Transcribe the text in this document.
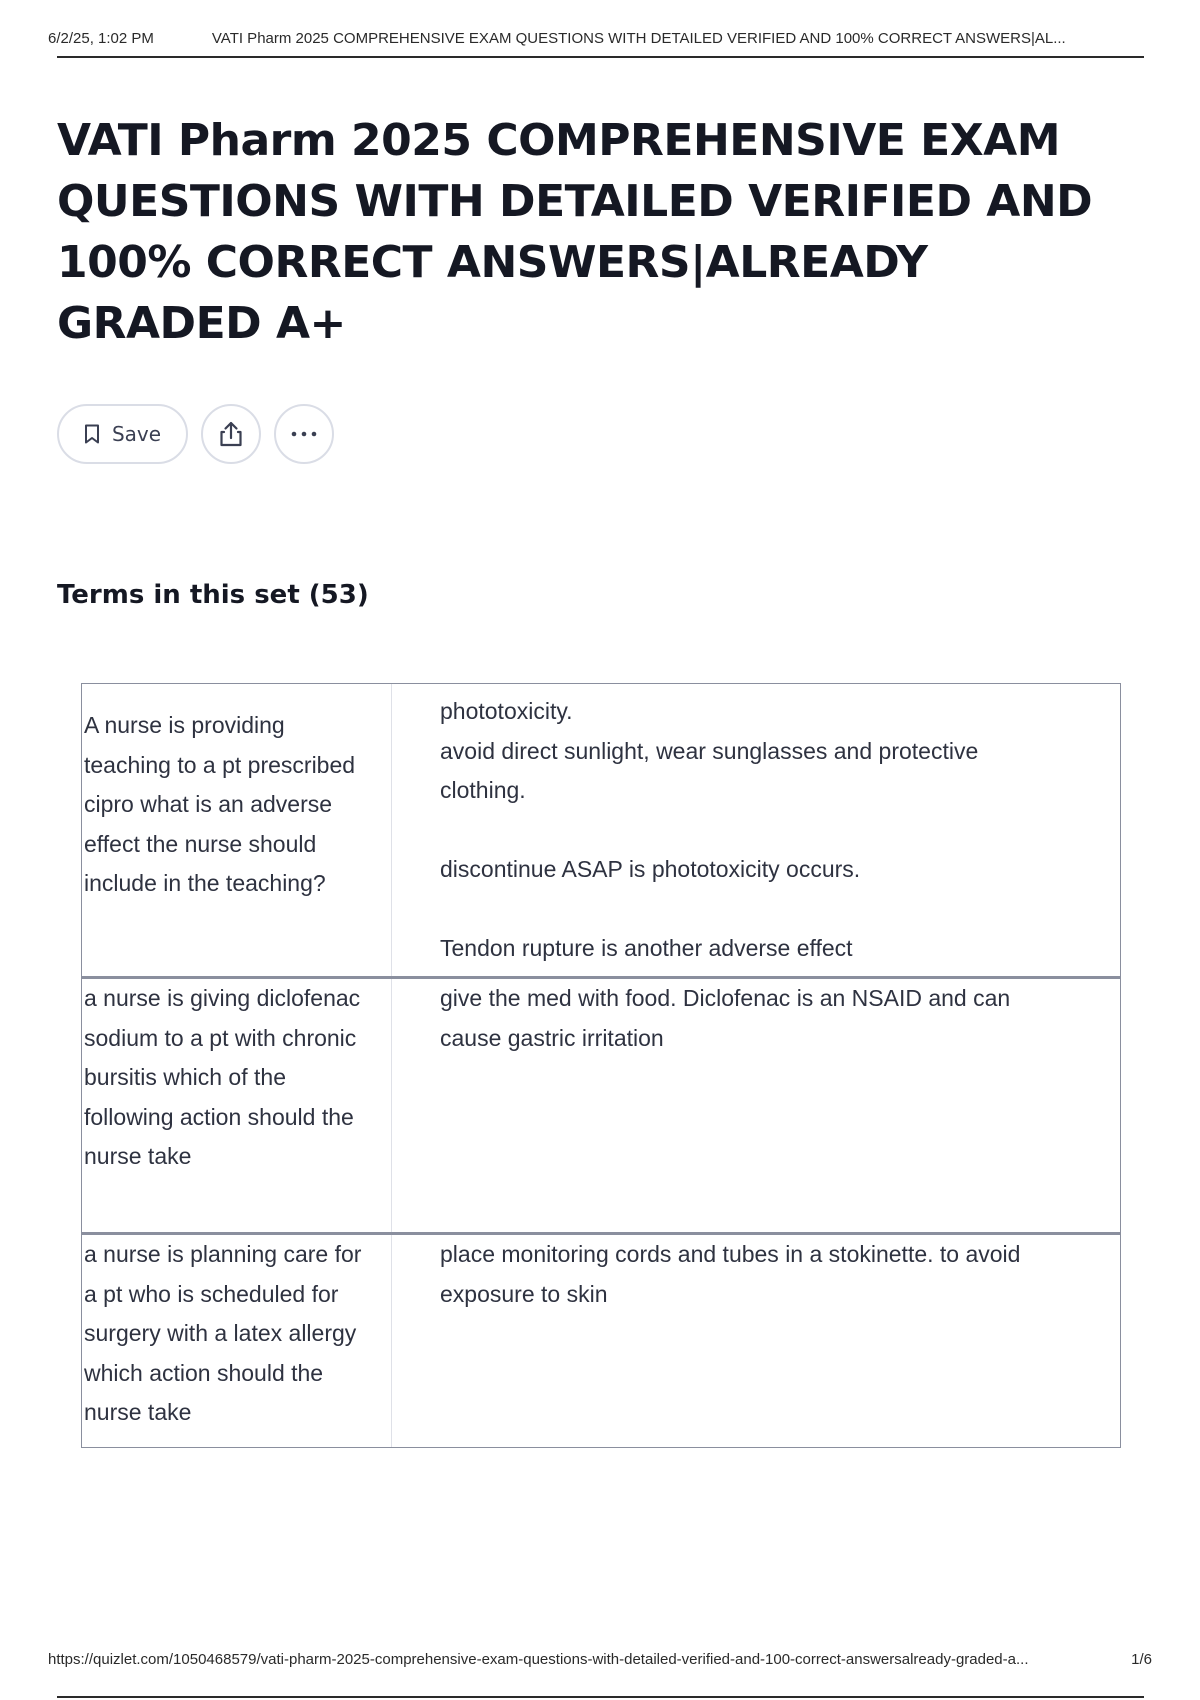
6/2/25, 1:02 PM	VATI Pharm 2025 COMPREHENSIVE EXAM QUESTIONS WITH DETAILED VERIFIED AND 100% CORRECT ANSWERS|AL...
VATI Pharm 2025 COMPREHENSIVE EXAM QUESTIONS WITH DETAILED VERIFIED AND 100% CORRECT ANSWERS|ALREADY GRADED A+
Save
Terms in this set (53)
A nurse is providing teaching to a pt prescribed cipro what is an adverse effect the nurse should include in the teaching?
phototoxicity.
avoid direct sunlight, wear sunglasses and protective clothing.

discontinue ASAP is phototoxicity occurs.

Tendon rupture is another adverse effect
a nurse is giving diclofenac sodium to a pt with chronic bursitis which of the following action should the nurse take
give the med with food. Diclofenac is an NSAID and can cause gastric irritation
a nurse is planning care for a pt who is scheduled for surgery with a latex allergy which action should the nurse take
place monitoring cords and tubes in a stokinette. to avoid exposure to skin
https://quizlet.com/1050468579/vati-pharm-2025-comprehensive-exam-questions-with-detailed-verified-and-100-correct-answersalready-graded-a...	1/6
